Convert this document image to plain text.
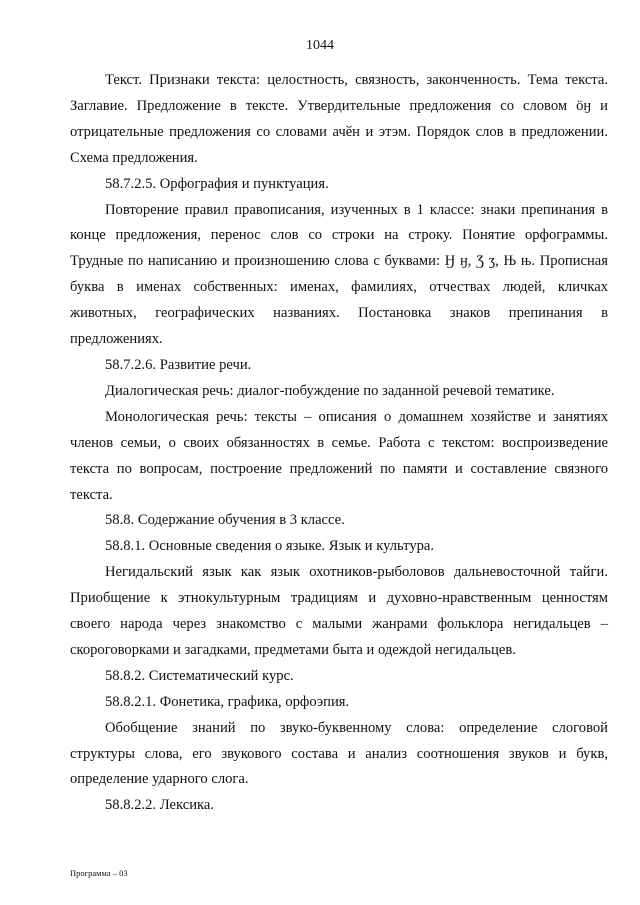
1044

Текст. Признаки текста: целостность, связность, законченность. Тема текста. Заглавие. Предложение в тексте. Утвердительные предложения со словом ӧӈ и отрицательные предложения со словами ачӗн и этэм. Порядок слов в предложении. Схема предложения.

58.7.2.5. Орфография и пунктуация.

Повторение правил правописания, изученных в 1 классе: знаки препинания в конце предложения, перенос слов со строки на строку. Понятие орфограммы. Трудные по написанию и произношению слова с буквами: Ӈ ӈ, Ʒ ʒ, Њ њ. Прописная буква в именах собственных: именах, фамилиях, отчествах людей, кличках животных, географических названиях. Постановка знаков препинания в предложениях.

58.7.2.6. Развитие речи.

Диалогическая речь: диалог-побуждение по заданной речевой тематике.

Монологическая речь: тексты – описания о домашнем хозяйстве и занятиях членов семьи, о своих обязанностях в семье. Работа с текстом: воспроизведение текста по вопросам, построение предложений по памяти и составление связного текста.

58.8. Содержание обучения в 3 классе.

58.8.1. Основные сведения о языке. Язык и культура.

Негидальский язык как язык охотников-рыболовов дальневосточной тайги. Приобщение к этнокультурным традициям и духовно-нравственным ценностям своего народа через знакомство с малыми жанрами фольклора негидальцев – скороговорками и загадками, предметами быта и одеждой негидальцев.

58.8.2. Систематический курс.

58.8.2.1. Фонетика, графика, орфоэпия.

Обобщение знаний по звуко-буквенному слова: определение слоговой структуры слова, его звукового состава и анализ соотношения звуков и букв, определение ударного слога.

58.8.2.2. Лексика.

Программа – 03
